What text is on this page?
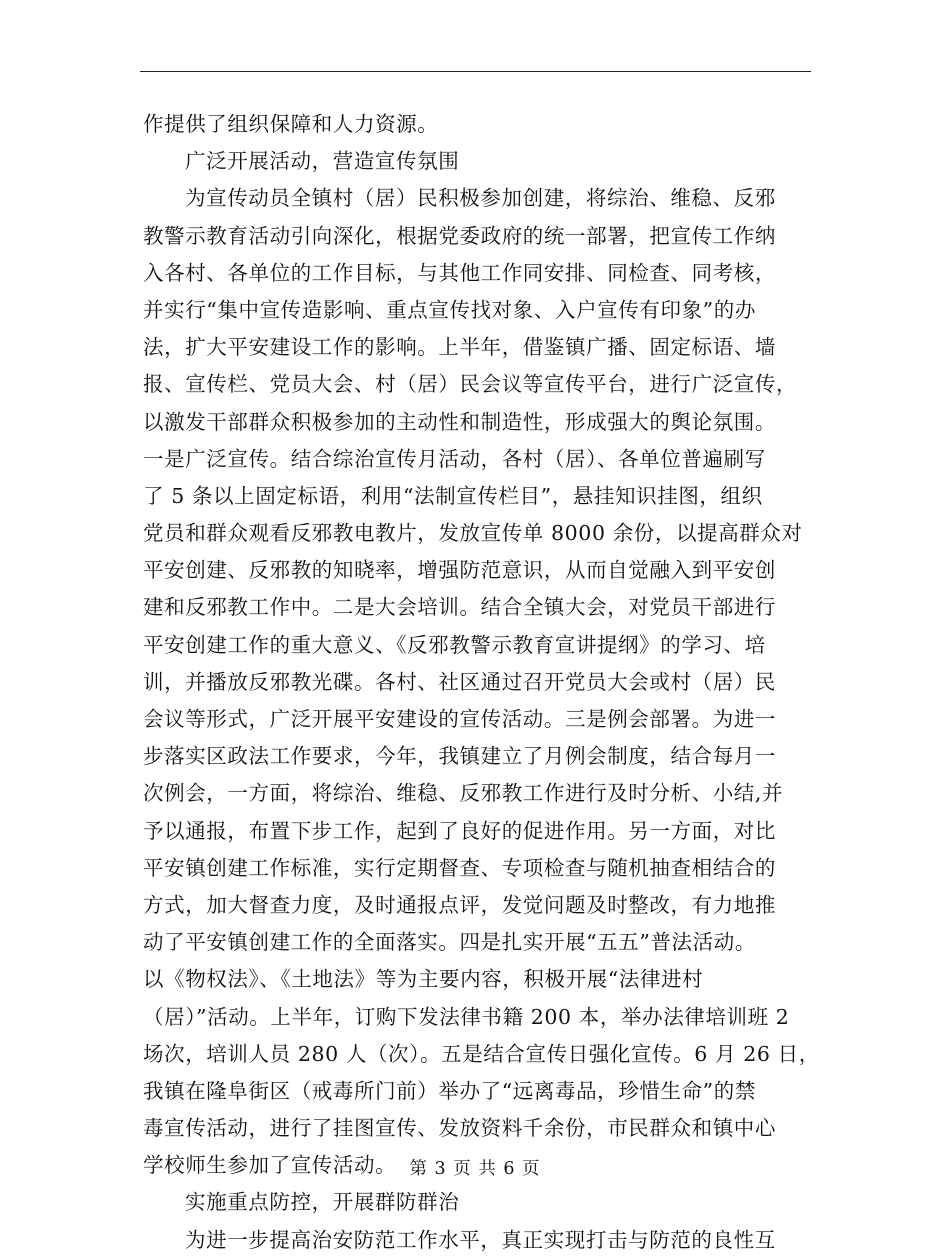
作提供了组织保障和人力资源。
广泛开展活动，营造宣传氛围
为宣传动员全镇村（居）民积极参加创建，将综治、维稳、反邪
教警示教育活动引向深化，根据党委政府的统一部署，把宣传工作纳
入各村、各单位的工作目标，与其他工作同安排、同检查、同考核，
并实行“集中宣传造影响、重点宣传找对象、入户宣传有印象”的办
法，扩大平安建设工作的影响。上半年，借鉴镇广播、固定标语、墙
报、宣传栏、党员大会、村（居）民会议等宣传平台，进行广泛宣传，
以激发干部群众积极参加的主动性和制造性，形成强大的舆论氛围。
一是广泛宣传。结合综治宣传月活动，各村（居）、各单位普遍刷写
了 5 条以上固定标语，利用“法制宣传栏目”，悬挂知识挂图，组织
党员和群众观看反邪教电教片，发放宣传单 8000 余份，以提高群众对
平安创建、反邪教的知晓率，增强防范意识，从而自觉融入到平安创
建和反邪教工作中。二是大会培训。结合全镇大会，对党员干部进行
平安创建工作的重大意义、《反邪教警示教育宣讲提纲》的学习、培
训，并播放反邪教光碟。各村、社区通过召开党员大会或村（居）民
会议等形式，广泛开展平安建设的宣传活动。三是例会部署。为进一
步落实区政法工作要求，今年，我镇建立了月例会制度，结合每月一
次例会，一方面，将综治、维稳、反邪教工作进行及时分析、小结,并
予以通报，布置下步工作，起到了良好的促进作用。另一方面，对比
平安镇创建工作标准，实行定期督查、专项检查与随机抽查相结合的
方式，加大督查力度，及时通报点评，发觉问题及时整改，有力地推
动了平安镇创建工作的全面落实。四是扎实开展“五五”普法活动。
以《物权法》、《土地法》等为主要内容，积极开展“法律进村
（居）”活动。上半年，订购下发法律书籍 200 本，举办法律培训班 2
场次，培训人员 280 人（次）。五是结合宣传日强化宣传。6 月 26 日，
我镇在隆阜街区（戒毒所门前）举办了“远离毒品，珍惜生命”的禁
毒宣传活动，进行了挂图宣传、发放资料千余份，市民群众和镇中心
学校师生参加了宣传活动。
实施重点防控，开展群防群治
为进一步提高治安防范工作水平，真正实现打击与防范的良性互
第 3 页 共 6 页
